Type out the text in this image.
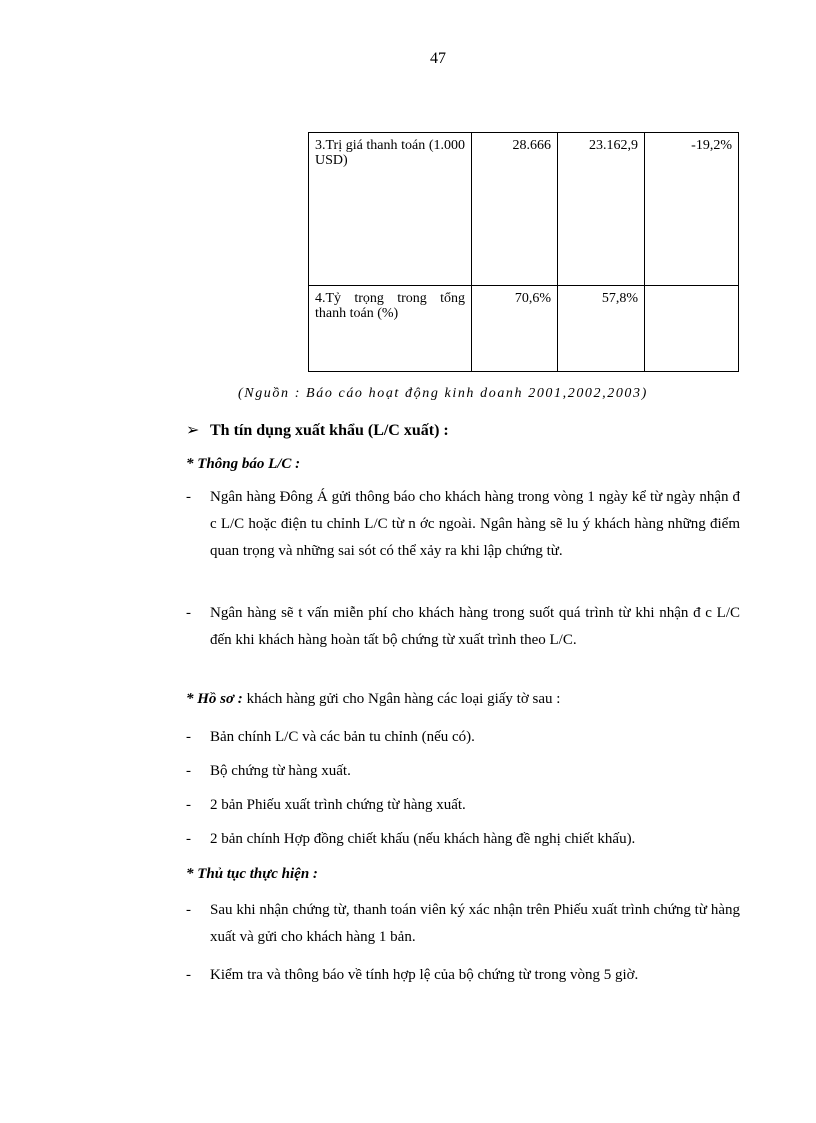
47
3.Trị giá thanh toán (1.000 USD)	28.666	23.162,9	-19,2%
4.Tỷ trọng trong tổng thanh toán (%)	70,6%	57,8%	
(Nguồn : Báo cáo hoạt động kinh doanh 2001,2002,2003)
➢ Th tín dụng xuất khẩu (L/C xuất) :
* Thông báo L/C :
- Ngân hàng Đông Á gửi thông báo cho khách hàng trong vòng 1 ngày kể từ ngày nhận đ c L/C hoặc điện tu chỉnh L/C từ n ớc ngoài. Ngân hàng sẽ lu ý khách hàng những điểm quan trọng và những sai sót có thể xảy ra khi lập chứng từ.
- Ngân hàng sẽ t vấn miễn phí cho khách hàng trong suốt quá trình từ khi nhận đ c L/C đến khi khách hàng hoàn tất bộ chứng từ xuất trình theo L/C.
* Hồ sơ : khách hàng gửi cho Ngân hàng các loại giấy tờ sau :
- Bản chính L/C và các bản tu chỉnh (nếu có).
- Bộ chứng từ hàng xuất.
- 2 bản Phiếu xuất trình chứng từ hàng xuất.
- 2 bản chính Hợp đồng chiết khấu (nếu khách hàng đề nghị chiết khấu).
* Thủ tục thực hiện :
- Sau khi nhận chứng từ, thanh toán viên ký xác nhận trên Phiếu xuất trình chứng từ hàng xuất và gửi cho khách hàng 1 bản.
- Kiểm tra và thông báo về tính hợp lệ của bộ chứng từ trong vòng 5 giờ.
